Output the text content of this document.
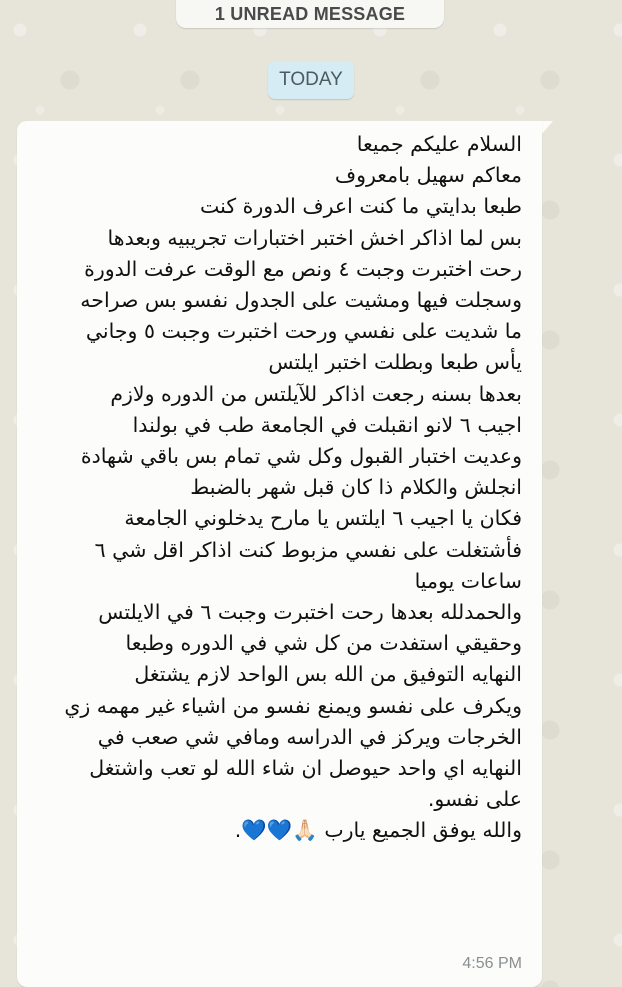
1 UNREAD MESSAGE
TODAY
السلام عليكم جميعا
معاكم سهيل بامعروف
طبعا بدايتي ما كنت اعرف الدورة كنت
بس لما اذاكر اخش اختبر اختبارات تجريبيه وبعدها
رحت اختبرت وجبت ٤ ونص مع الوقت عرفت الدورة
وسجلت فيها ومشيت على الجدول نفسو بس صراحه
ما شديت على نفسي ورحت اختبرت وجبت ٥ وجاني
يأس طبعا وبطلت اختبر ايلتس
بعدها بسنه رجعت اذاكر للآيلتس من الدوره ولازم
اجيب ٦ لانو انقبلت في الجامعة طب في بولندا
وعديت اختبار القبول وكل شي تمام بس باقي شهادة
انجلش والكلام ذا كان قبل شهر بالضبط
فكان يا اجيب ٦ ايلتس يا مارح يدخلوني الجامعة
فأشتغلت على نفسي مزبوط كنت اذاكر اقل شي ٦
ساعات يوميا
والحمدلله بعدها رحت اختبرت وجبت ٦ في الايلتس
وحقيقي استفدت من كل شي في الدوره وطبعا
النهايه التوفيق من الله بس الواحد لازم يشتغل
ويكرف على نفسو ويمنع نفسو من اشياء غير مهمه زي
الخرجات ويركز في الدراسه ومافي شي صعب في
النهايه اي واحد حيوصل ان شاء الله لو تعب واشتغل
على نفسو.
والله يوفق الجميع يارب 🙏🏻💙💙.
4:56 PM
